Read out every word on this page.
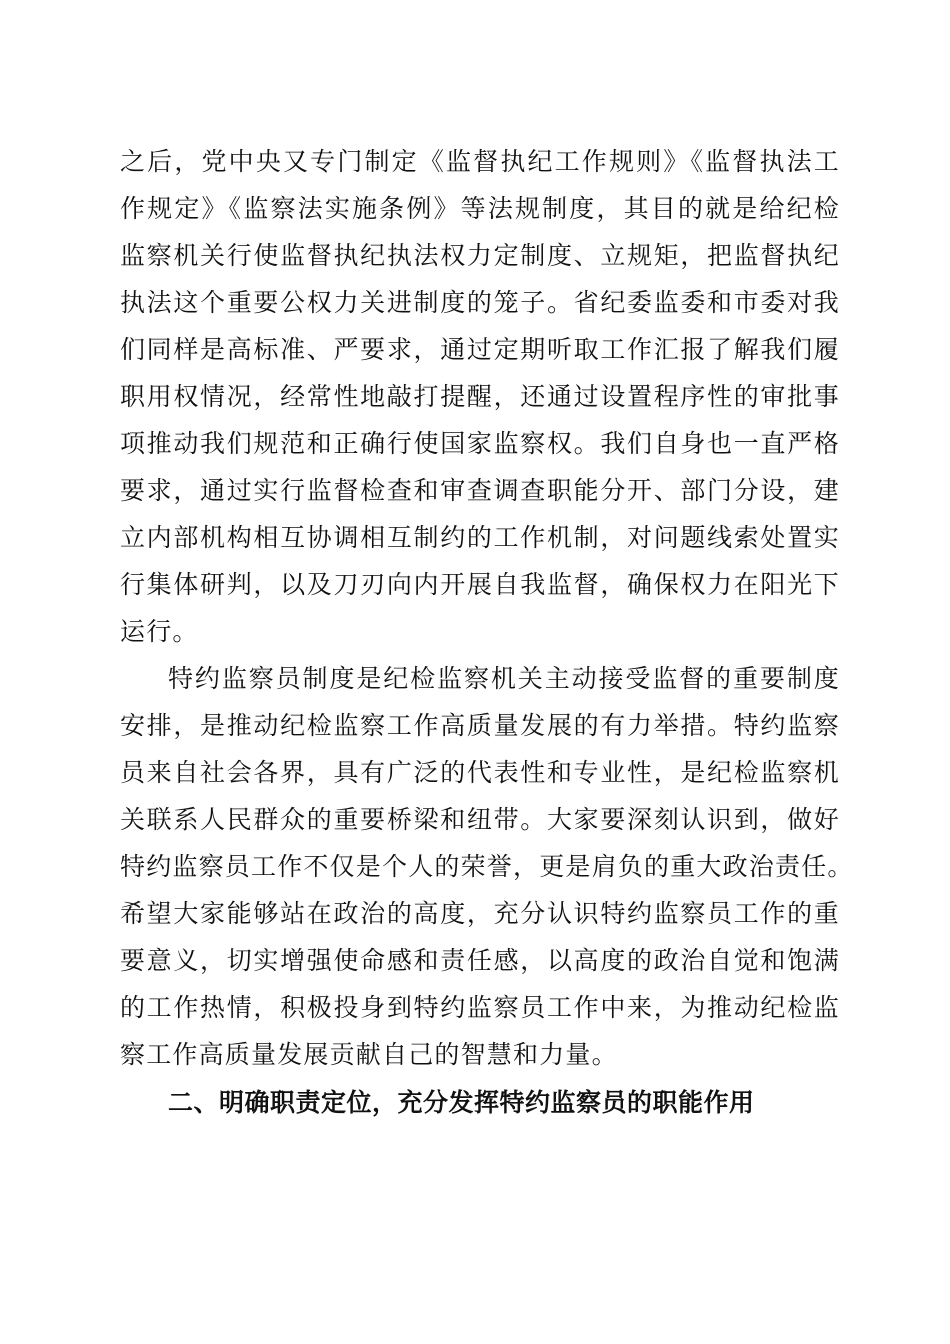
之后，党中央又专门制定《监督执纪工作规则》《监督执法工
作规定》《监察法实施条例》等法规制度，其目的就是给纪检
监察机关行使监督执纪执法权力定制度、立规矩，把监督执纪
执法这个重要公权力关进制度的笼子。省纪委监委和市委对我
们同样是高标准、严要求，通过定期听取工作汇报了解我们履
职用权情况，经常性地敲打提醒，还通过设置程序性的审批事
项推动我们规范和正确行使国家监察权。我们自身也一直严格
要求，通过实行监督检查和审查调查职能分开、部门分设，建
立内部机构相互协调相互制约的工作机制，对问题线索处置实
行集体研判，以及刀刃向内开展自我监督，确保权力在阳光下
运行。
特约监察员制度是纪检监察机关主动接受监督的重要制度
安排，是推动纪检监察工作高质量发展的有力举措。特约监察
员来自社会各界，具有广泛的代表性和专业性，是纪检监察机
关联系人民群众的重要桥梁和纽带。大家要深刻认识到，做好
特约监察员工作不仅是个人的荣誉，更是肩负的重大政治责任。
希望大家能够站在政治的高度，充分认识特约监察员工作的重
要意义，切实增强使命感和责任感，以高度的政治自觉和饱满
的工作热情，积极投身到特约监察员工作中来，为推动纪检监
察工作高质量发展贡献自己的智慧和力量。
二、明确职责定位，充分发挥特约监察员的职能作用
